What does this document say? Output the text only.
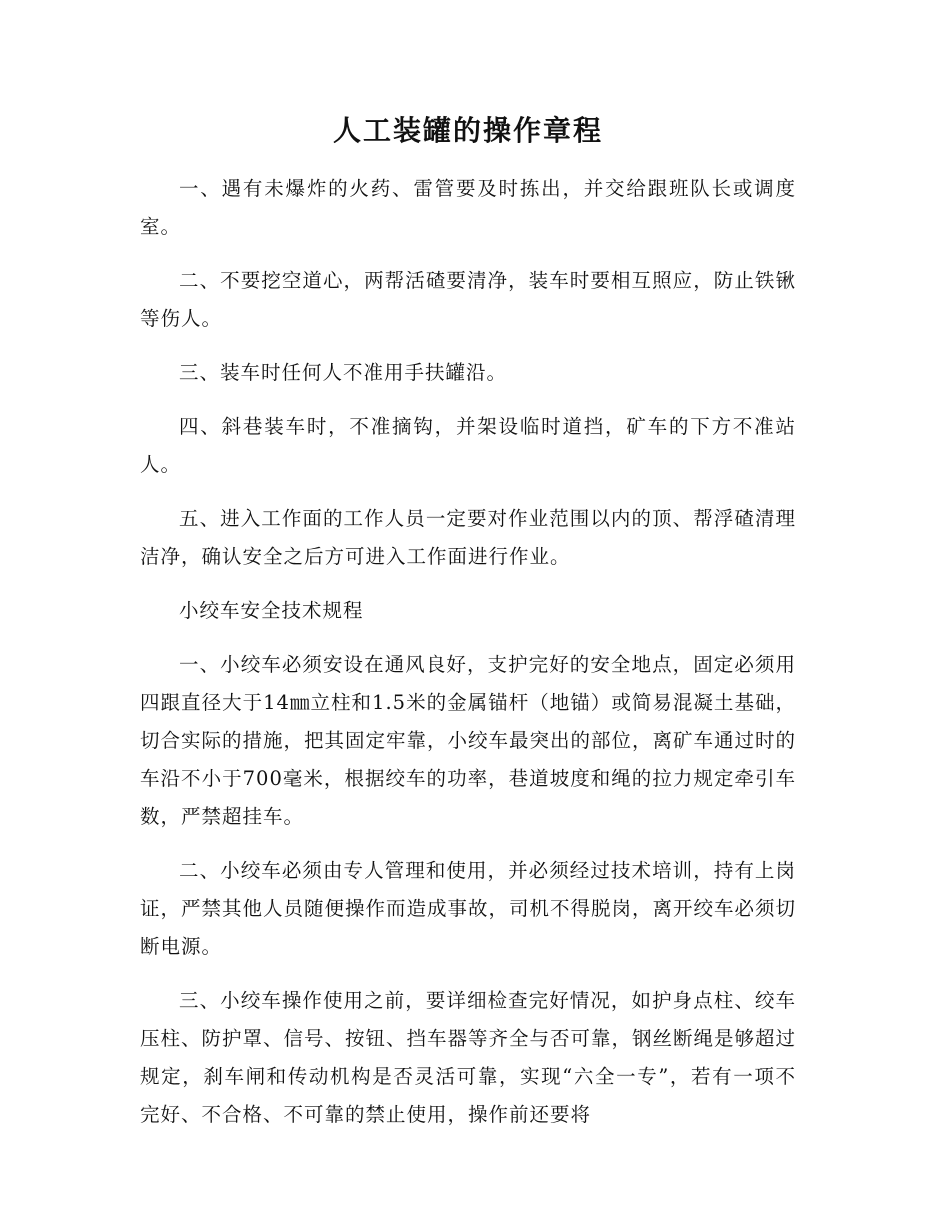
人工装罐的操作章程

一、遇有未爆炸的火药、雷管要及时拣出，并交给跟班队长或调度室。

二、不要挖空道心，两帮活碴要清净，装车时要相互照应，防止铁锹等伤人。

三、装车时任何人不准用手扶罐沿。

四、斜巷装车时，不准摘钩，并架设临时道挡，矿车的下方不准站人。

五、进入工作面的工作人员一定要对作业范围以内的顶、帮浮碴清理洁净，确认安全之后方可进入工作面进行作业。

小绞车安全技术规程

一、小绞车必须安设在通风良好，支护完好的安全地点，固定必须用四跟直径大于14㎜立柱和1.5米的金属锚杆（地锚）或简易混凝土基础，切合实际的措施，把其固定牢靠，小绞车最突出的部位，离矿车通过时的车沿不小于700毫米，根据绞车的功率，巷道坡度和绳的拉力规定牵引车数，严禁超挂车。

二、小绞车必须由专人管理和使用，并必须经过技术培训，持有上岗证，严禁其他人员随便操作而造成事故，司机不得脱岗，离开绞车必须切断电源。

三、小绞车操作使用之前，要详细检查完好情况，如护身点柱、绞车压柱、防护罩、信号、按钮、挡车器等齐全与否可靠，钢丝断绳是够超过规定，刹车闸和传动机构是否灵活可靠，实现“六全一专”，若有一项不完好、不合格、不可靠的禁止使用，操作前还要将
